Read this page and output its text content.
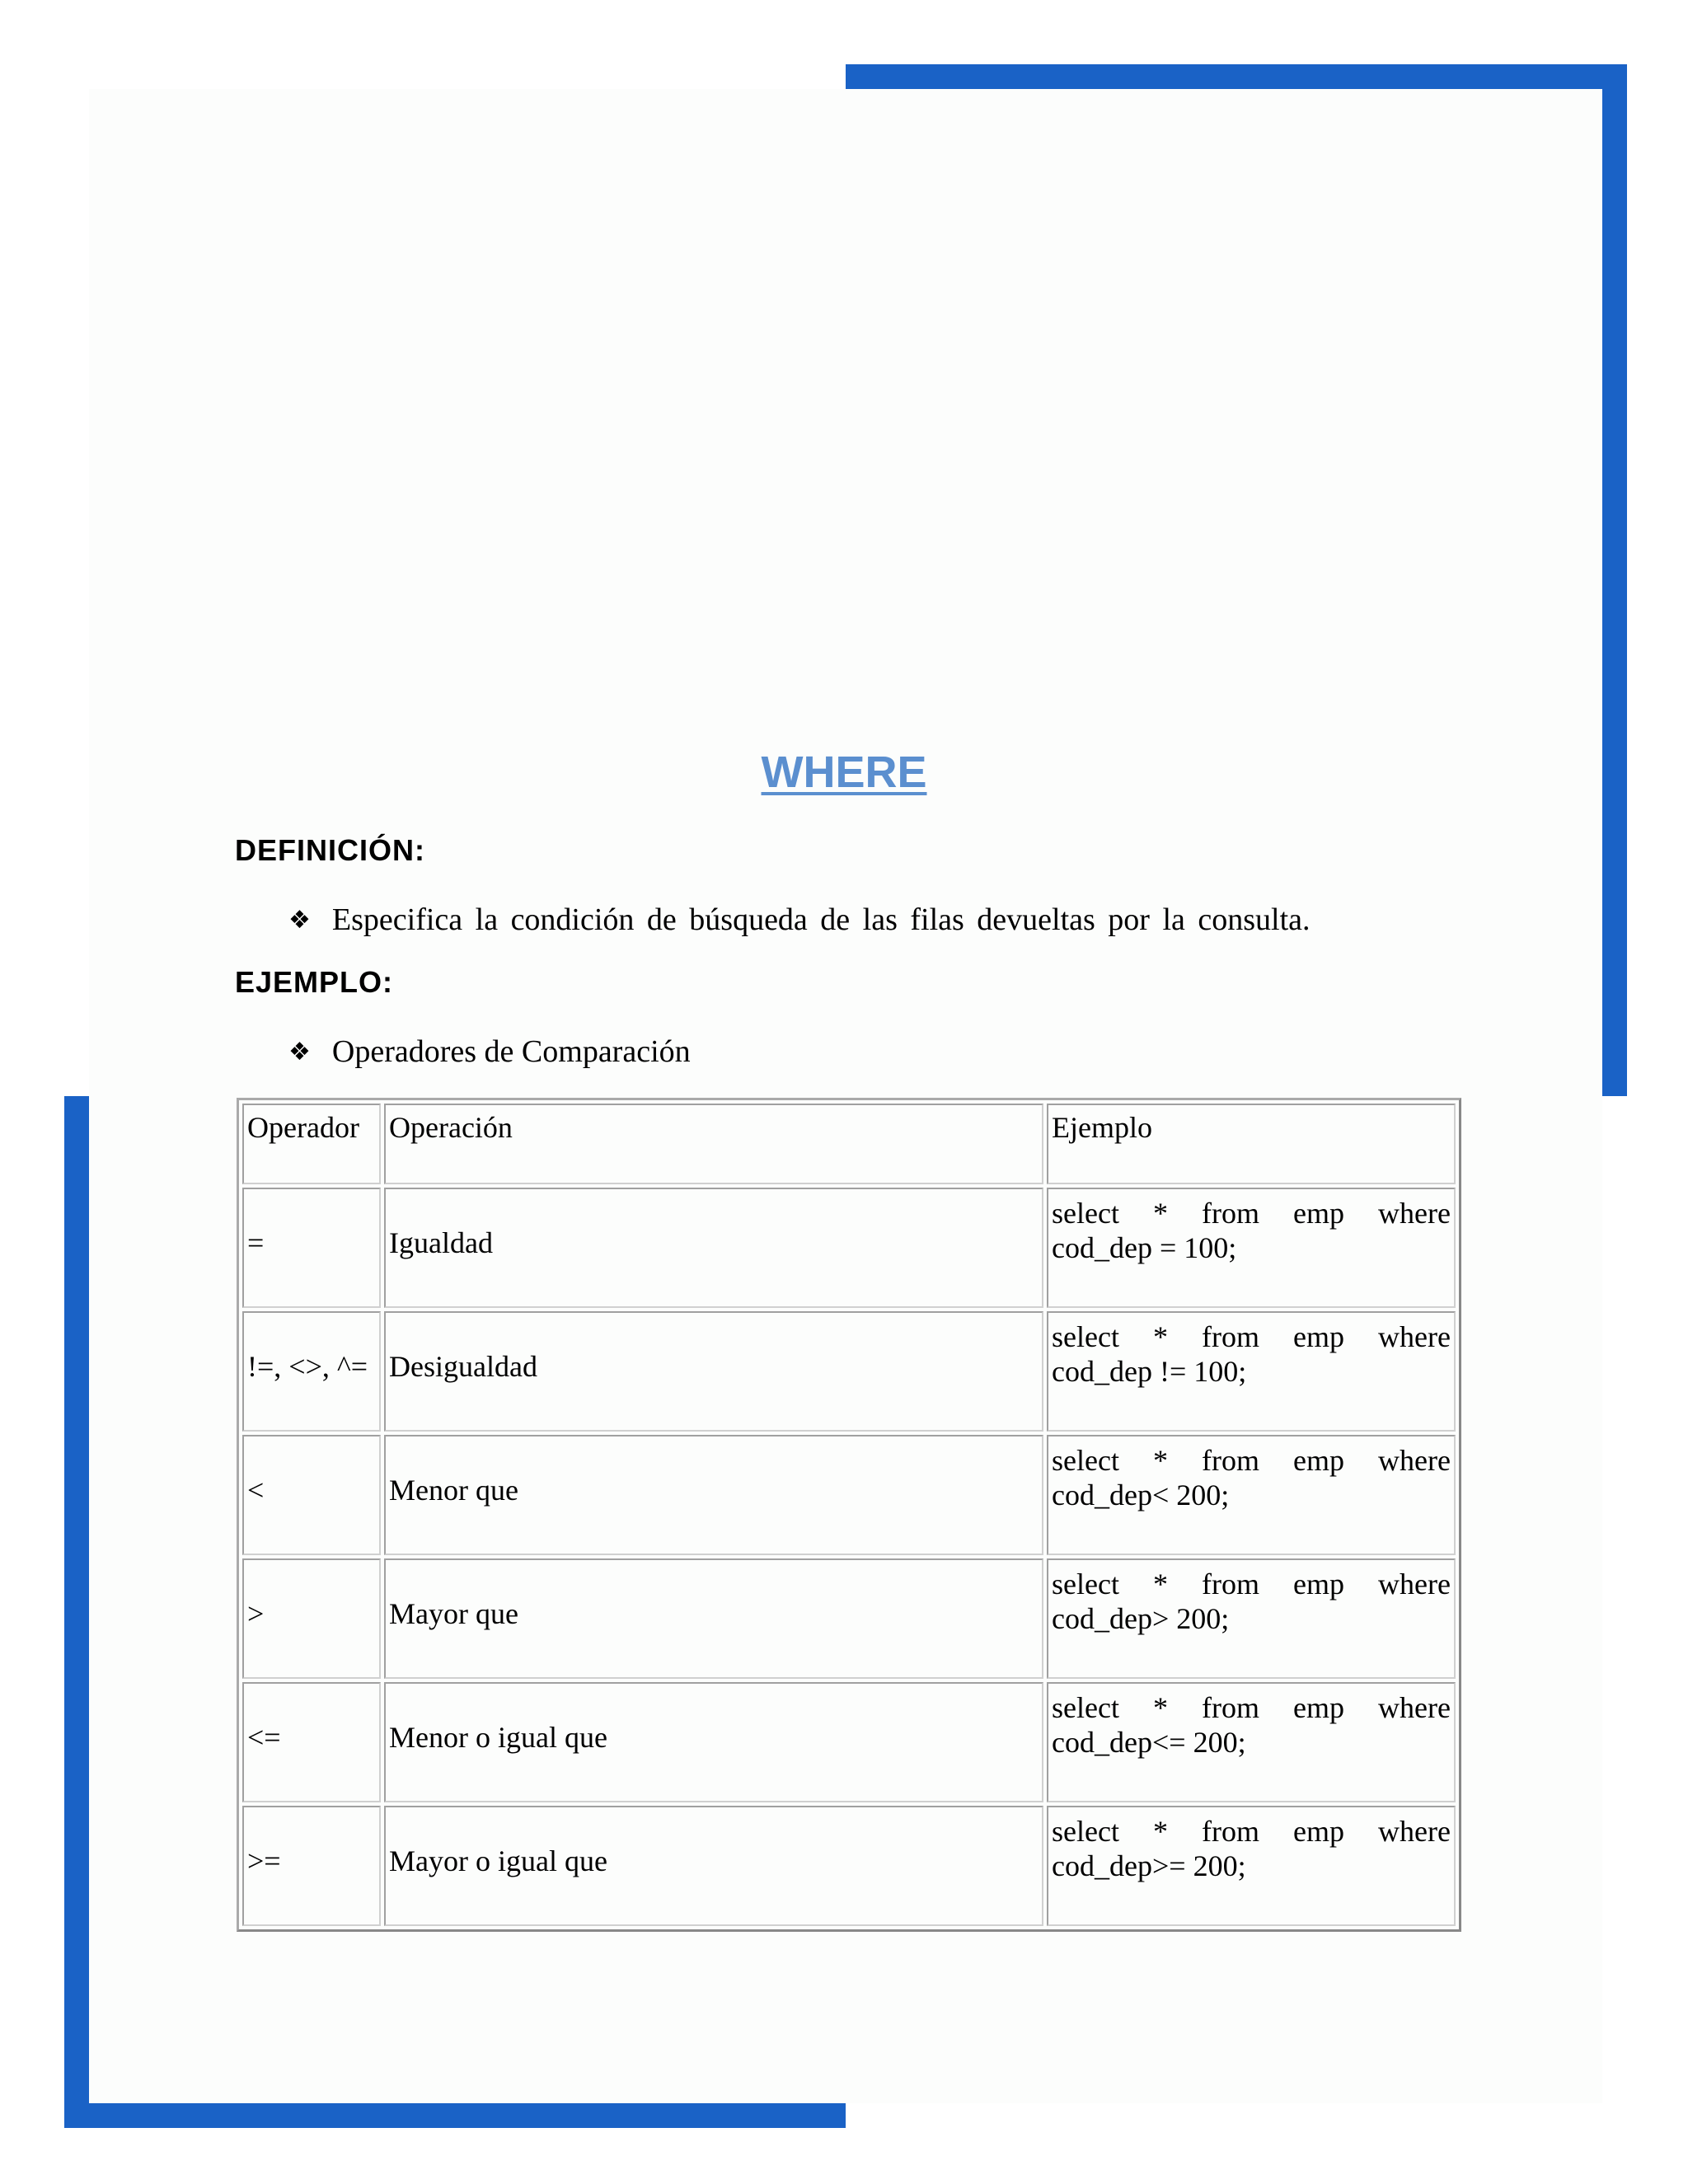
WHERE
DEFINICIÓN:
❖ Especifica la condición de búsqueda de las filas devueltas por la consulta.
EJEMPLO:
❖ Operadores de Comparación
Operador	Operación	Ejemplo
=	Igualdad	select * from emp where cod_dep = 100;
!=, <>, ^=	Desigualdad	select * from emp where cod_dep != 100;
<	Menor que	select * from emp where cod_dep< 200;
>	Mayor que	select * from emp where cod_dep> 200;
<=	Menor o igual que	select * from emp where cod_dep<= 200;
>=	Mayor o igual que	select * from emp where cod_dep>= 200;
